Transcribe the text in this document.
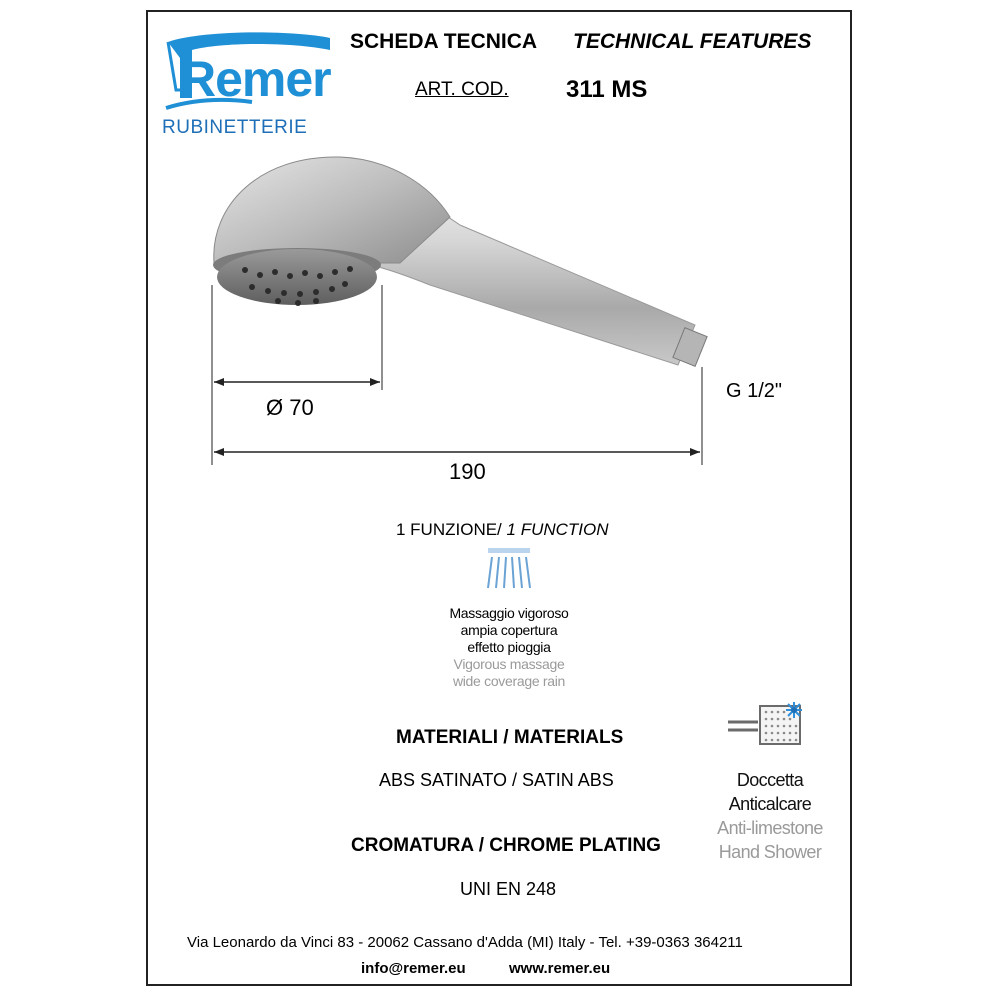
Remer
RUBINETTERIE
SCHEDA TECNICA TECHNICAL FEATURES
ART. COD. 311 MS
Ø 70
190
G 1/2"
1 FUNZIONE/ 1 FUNCTION
Massaggio vigoroso
ampia copertura
effetto pioggia
Vigorous massage
wide coverage rain
MATERIALI / MATERIALS
ABS SATINATO / SATIN ABS
CROMATURA / CHROME PLATING
UNI EN 248
Doccetta
Anticalcare
Anti-limestone
Hand Shower
Via Leonardo da Vinci 83 - 20062 Cassano d'Adda (MI) Italy - Tel. +39-0363 364211
info@remer.eu	www.remer.eu
